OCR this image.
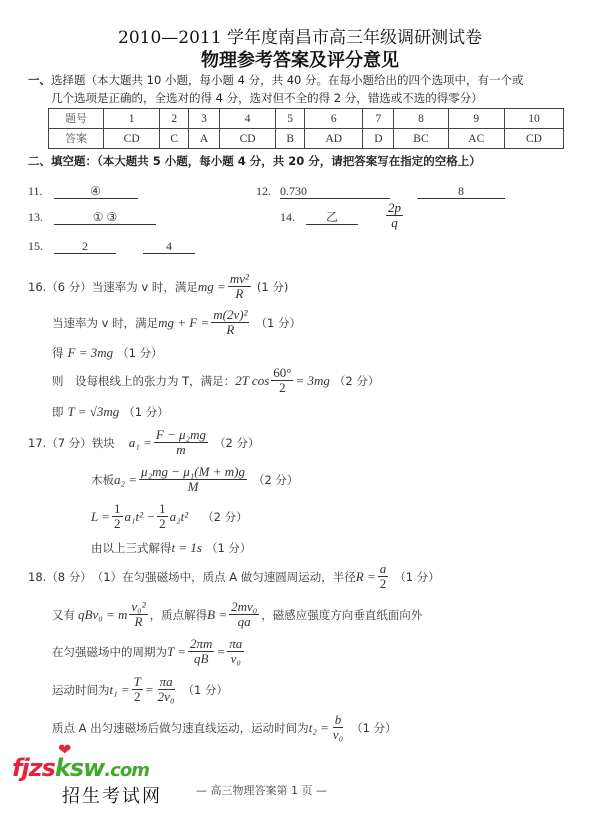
2010—2011 学年度南昌市高三年级调研测试卷
物理参考答案及评分意见
一、选择题（本大题共 10 小题，每小题 4 分，共 40 分。在每小题给出的四个选项中，有一个或
几个选项是正确的，全选对的得 4 分，选对但不全的得 2 分，错选或不选的得零分）
题号	1	2	3	4	5	6	7	8	9	10
答案	CD	C	A	CD	B	AD	D	BC	AC	CD
二、填空题：（本大题共 5 小题，每小题 4 分，共 20 分，请把答案写在指定的空格上）
11.	④	12. 0.730	8
13.	① ③	14.	乙	$\frac{2p}{q}$
15.	2	4
16.（6 分） 当速率为 v 时，满足 mg = $\frac{\text{mv²}}{R} (1$ 分)
当速率为 v 时，满足 mg + $F = \frac{\text{m(2v)²}}{R} (1$ 分）
得 F = 3mg （1 分）
则　设每根线上的张力为 T，满足： 2T $\cos \frac{60^\circ}{2} = 3mg$ （2 分）
即 T = √3mg （1 分）
17.（7 分） 铁块 $a_1 = \frac{\text{F − μ₂mg}}{m} (2$ 分）
木板 $a_2 = \frac{\text{μ₂mg − μ₁(M + m)g}}{M} (2$ 分）
$L = \frac{1}{2} a_1t^2 - \frac{1}{2} a_2t^2$ （2 分）
由以上三式解得 t = 1s （1 分）
18.（8 分） （1）在匀强磁场中，质点 A 做匀速圆周运动，半径 $R = \frac{a}{2} (1$ 分）
又有 qBv₀ = m $\frac{\text{v₀²}}{R}$ ，质点解得 $B = \frac{\text{2mv₀}}{qa}$ ，磁感应强度方向垂直纸面向外
在匀强磁场中的周期为 $T = \frac{2\pi m}{qB} = \frac{\pi a}{\text{v₀}}$
运动时间为 $t_1 = \frac{T}{2} = \frac{\pi a}{\text{2v₀}} (1$ 分）
质点 A 出匀速磁场后做匀速直线运动，运动时间为 $t_2 = \frac{b}{\text{v₀}} (1$ 分）
❤
fjzsksw.com
招生考试网	— 高三物理答案第 1 页 —
